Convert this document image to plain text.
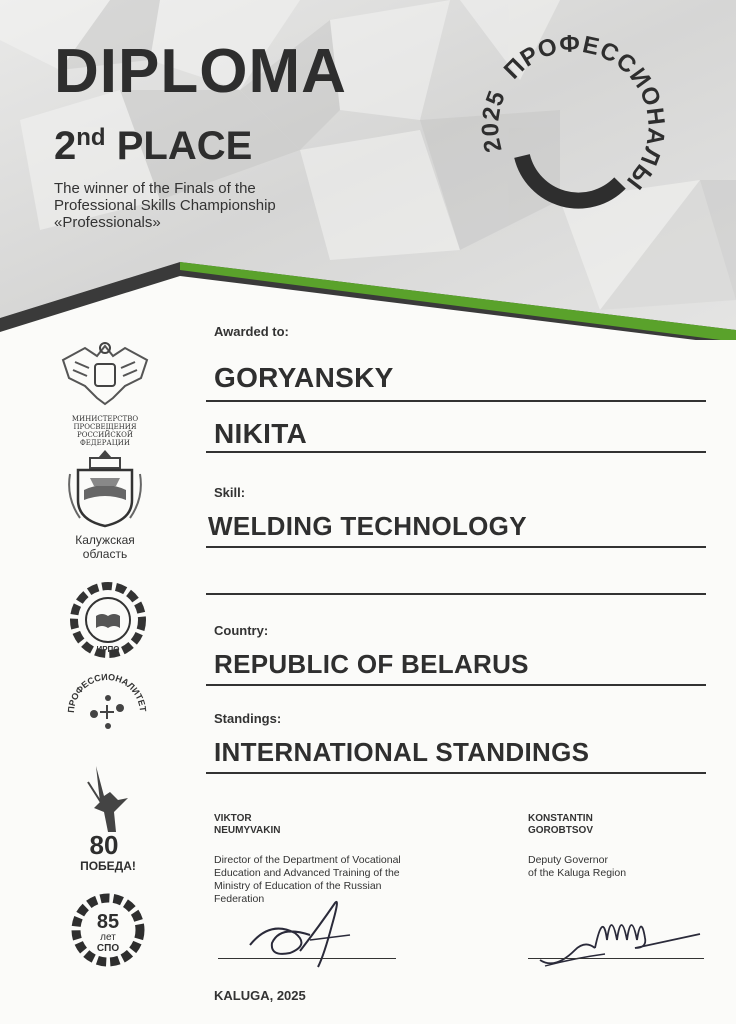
DIPLOMA
2nd PLACE
The winner of the Finals of the
Professional Skills Championship
«Professionals»
2025 ПРОФЕССИОНАЛЫ
Awarded to:
GORYANSKY
NIKITA
Skill:
WELDING TECHNOLOGY
Country:
REPUBLIC OF BELARUS
Standings:
INTERNATIONAL STANDINGS
МИНИСТЕРСТВО ПРОСВЕЩЕНИЯ
РОССИЙСКОЙ ФЕДЕРАЦИИ
Калужская
область
ИРПО
ПРОФЕССИОНАЛИТЕТ
80
ПОБЕДА!
85
лет
СПО
VIKTOR
NEUMYVAKIN
Director of the Department of Vocational
Education and Advanced Training of the
Ministry of Education of the Russian
Federation
KONSTANTIN
GOROBTSOV
Deputy Governor
of the Kaluga Region
KALUGA, 2025
